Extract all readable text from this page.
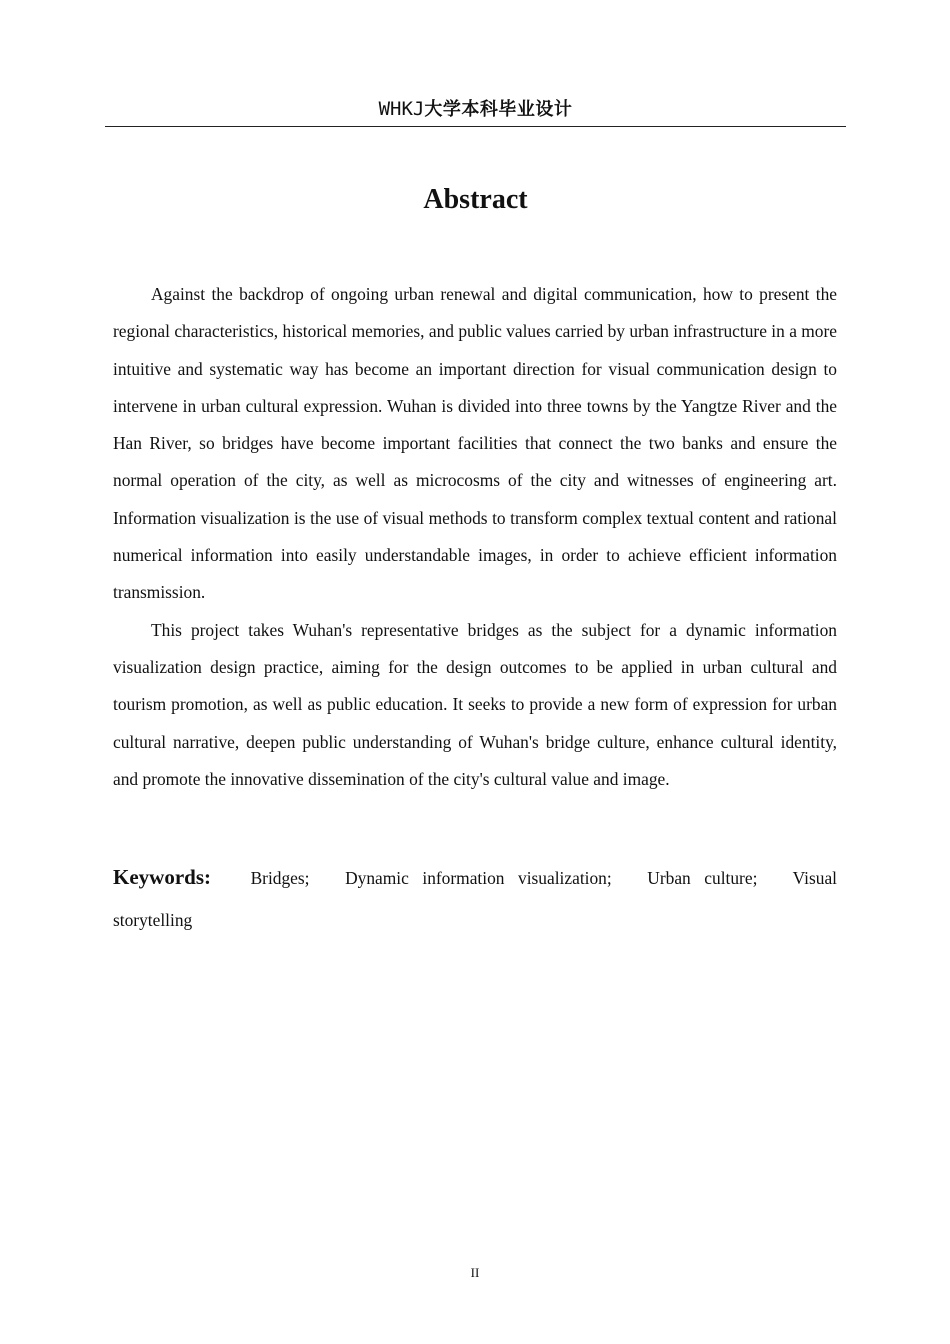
WHKJ大学本科毕业设计
Abstract

Against the backdrop of ongoing urban renewal and digital communication, how to present the regional characteristics, historical memories, and public values carried by urban infrastructure in a more intuitive and systematic way has become an important direction for visual communication design to intervene in urban cultural expression. Wuhan is divided into three towns by the Yangtze River and the Han River, so bridges have become important facilities that connect the two banks and ensure the normal operation of the city, as well as microcosms of the city and witnesses of engineering art. Information visualization is the use of visual methods to transform complex textual content and rational numerical information into easily understandable images, in order to achieve efficient information transmission.

This project takes Wuhan's representative bridges as the subject for a dynamic information visualization design practice, aiming for the design outcomes to be applied in urban cultural and tourism promotion, as well as public education. It seeks to provide a new form of expression for urban cultural narrative, deepen public understanding of Wuhan's bridge culture, enhance cultural identity, and promote the innovative dissemination of the city's cultural value and image.

Keywords: Bridges; Dynamic information visualization; Urban culture; Visual storytelling
II
